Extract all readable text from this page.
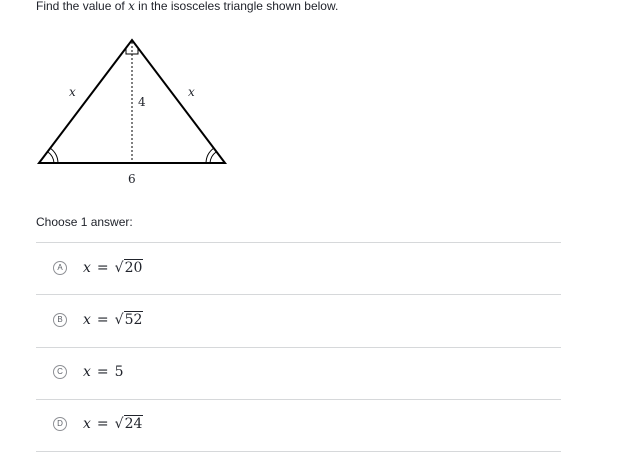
Find the value of x in the isosceles triangle shown below.
x	x
4
6
Choose 1 answer:
A	x = √20
B	x = √52
C x = 5
D x = √24
